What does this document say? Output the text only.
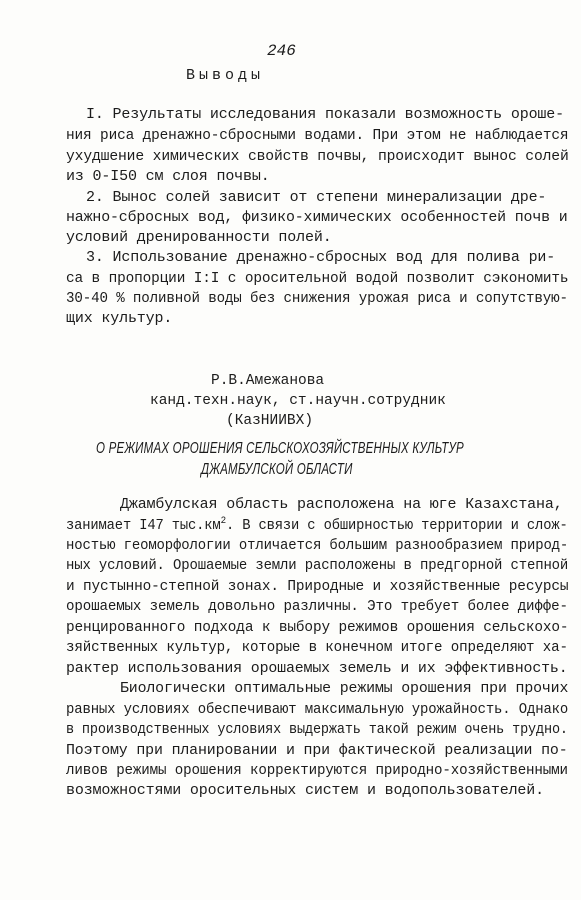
246
Выводы
I. Результаты исследования показали возможность ороше-
ния риса дренажно-сбросными водами. При этом не наблюдается
ухудшение химических свойств почвы, происходит вынос солей
из 0-I50 см слоя почвы.
2. Вынос солей зависит от степени минерализации дре-
нажно-сбросных вод, физико-химических особенностей почв и
условий дренированности полей.
3. Использование дренажно-сбросных вод для полива ри-
са в пропорции I:I с оросительной водой позволит сэкономить
30-40 % поливной воды без снижения урожая риса и сопутствую-
щих культур.
Р.В.Амежанова
канд.техн.наук, ст.научн.сотрудник
(КазНИИВХ)
О РЕЖИМАХ ОРОШЕНИЯ СЕЛЬСКОХОЗЯЙСТВЕННЫХ КУЛЬТУР
ДЖАМБУЛСКОЙ ОБЛАСТИ
Джамбулская область расположена на юге Казахстана,
занимает I47 $тыс.км^2$. В связи с обширностью территории и слож-
ностью геоморфологии отличается большим разнообразием природ-
ных условий. Орошаемые земли расположены в предгорной степной
и пустынно-степной зонах. Природные и хозяйственные ресурсы
орошаемых земель довольно различны. Это требует более диффе-
ренцированного подхода к выбору режимов орошения сельскохо-
зяйственных культур, которые в конечном итоге определяют ха-
рактер использования орошаемых земель и их эффективность.
Биологически оптимальные режимы орошения при прочих
равных условиях обеспечивают максимальную урожайность. Однако
в производственных условиях выдержать такой режим очень трудно.
Поэтому при планировании и при фактической реализации по-
ливов режимы орошения корректируются природно-хозяйственными
возможностями оросительных систем и водопользователей.
